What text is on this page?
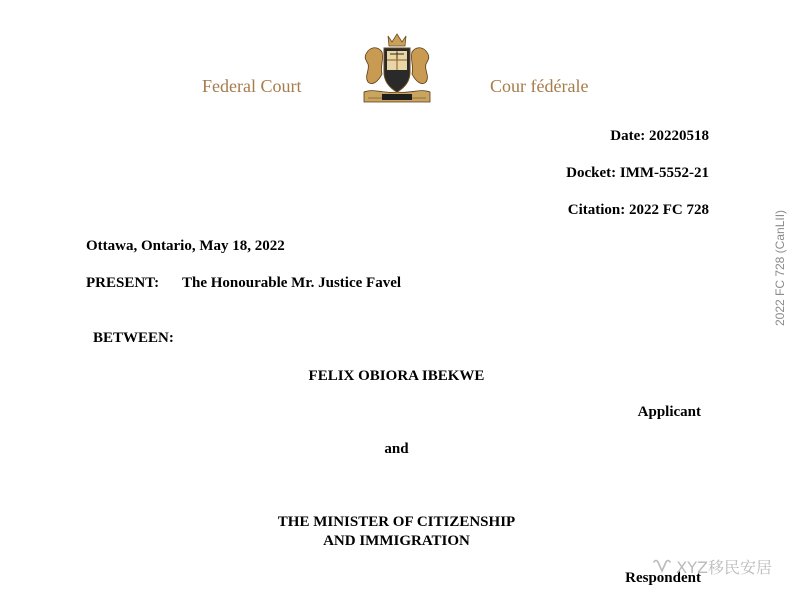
Federal Court	Cour fédérale
Date: 20220518
Docket: IMM-5552-21
Citation: 2022 FC 728
Ottawa, Ontario, May 18, 2022
PRESENT: The Honourable Mr. Justice Favel
BETWEEN:
FELIX OBIORA IBEKWE
Applicant
and
THE MINISTER OF CITIZENSHIP
AND IMMIGRATION
Respondent
2022 FC 728 (CanLII)
XYZ移民安居
